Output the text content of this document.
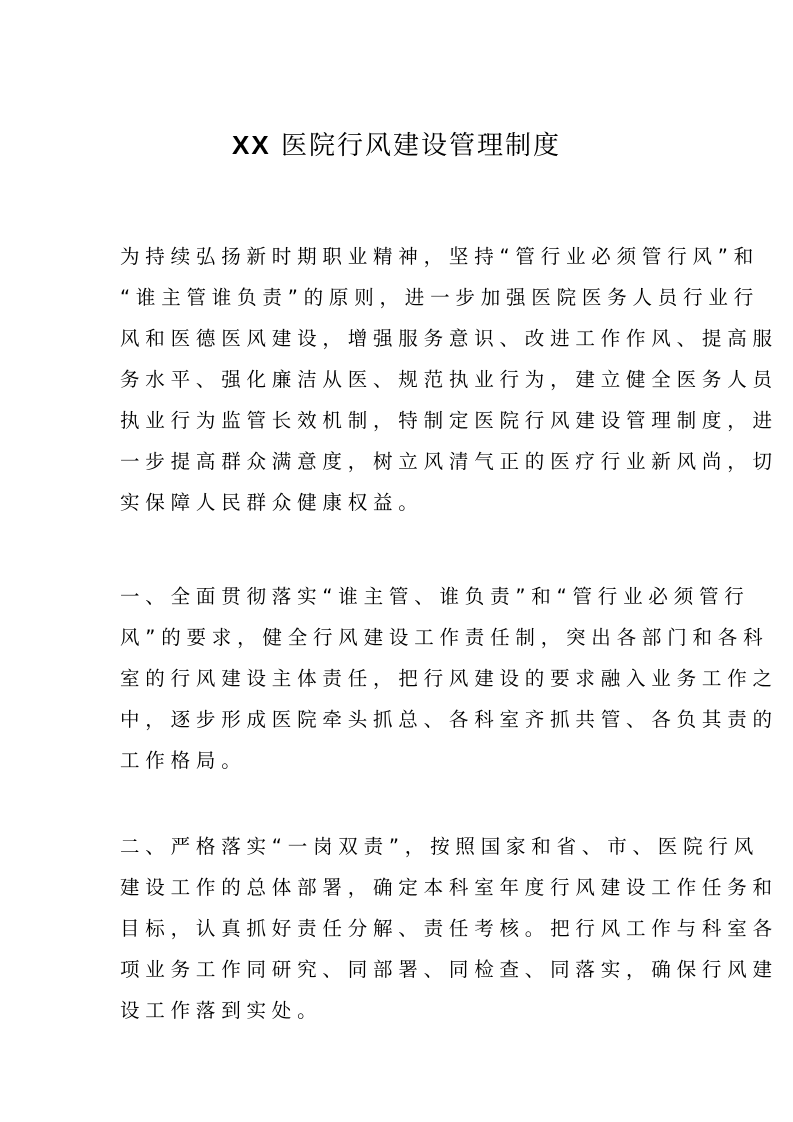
XX 医院行风建设管理制度
为持续弘扬新时期职业精神，坚持“管行业必须管行风”和
“谁主管谁负责”的原则，进一步加强医院医务人员行业行
风和医德医风建设，增强服务意识、改进工作作风、提高服
务水平、强化廉洁从医、规范执业行为，建立健全医务人员
执业行为监管长效机制，特制定医院行风建设管理制度，进
一步提高群众满意度，树立风清气正的医疗行业新风尚，切
实保障人民群众健康权益。
一、全面贯彻落实“谁主管、谁负责”和“管行业必须管行
风”的要求，健全行风建设工作责任制，突出各部门和各科
室的行风建设主体责任，把行风建设的要求融入业务工作之
中，逐步形成医院牵头抓总、各科室齐抓共管、各负其责的
工作格局。
二、严格落实“一岗双责”，按照国家和省、市、医院行风
建设工作的总体部署，确定本科室年度行风建设工作任务和
目标，认真抓好责任分解、责任考核。把行风工作与科室各
项业务工作同研究、同部署、同检查、同落实，确保行风建
设工作落到实处。
